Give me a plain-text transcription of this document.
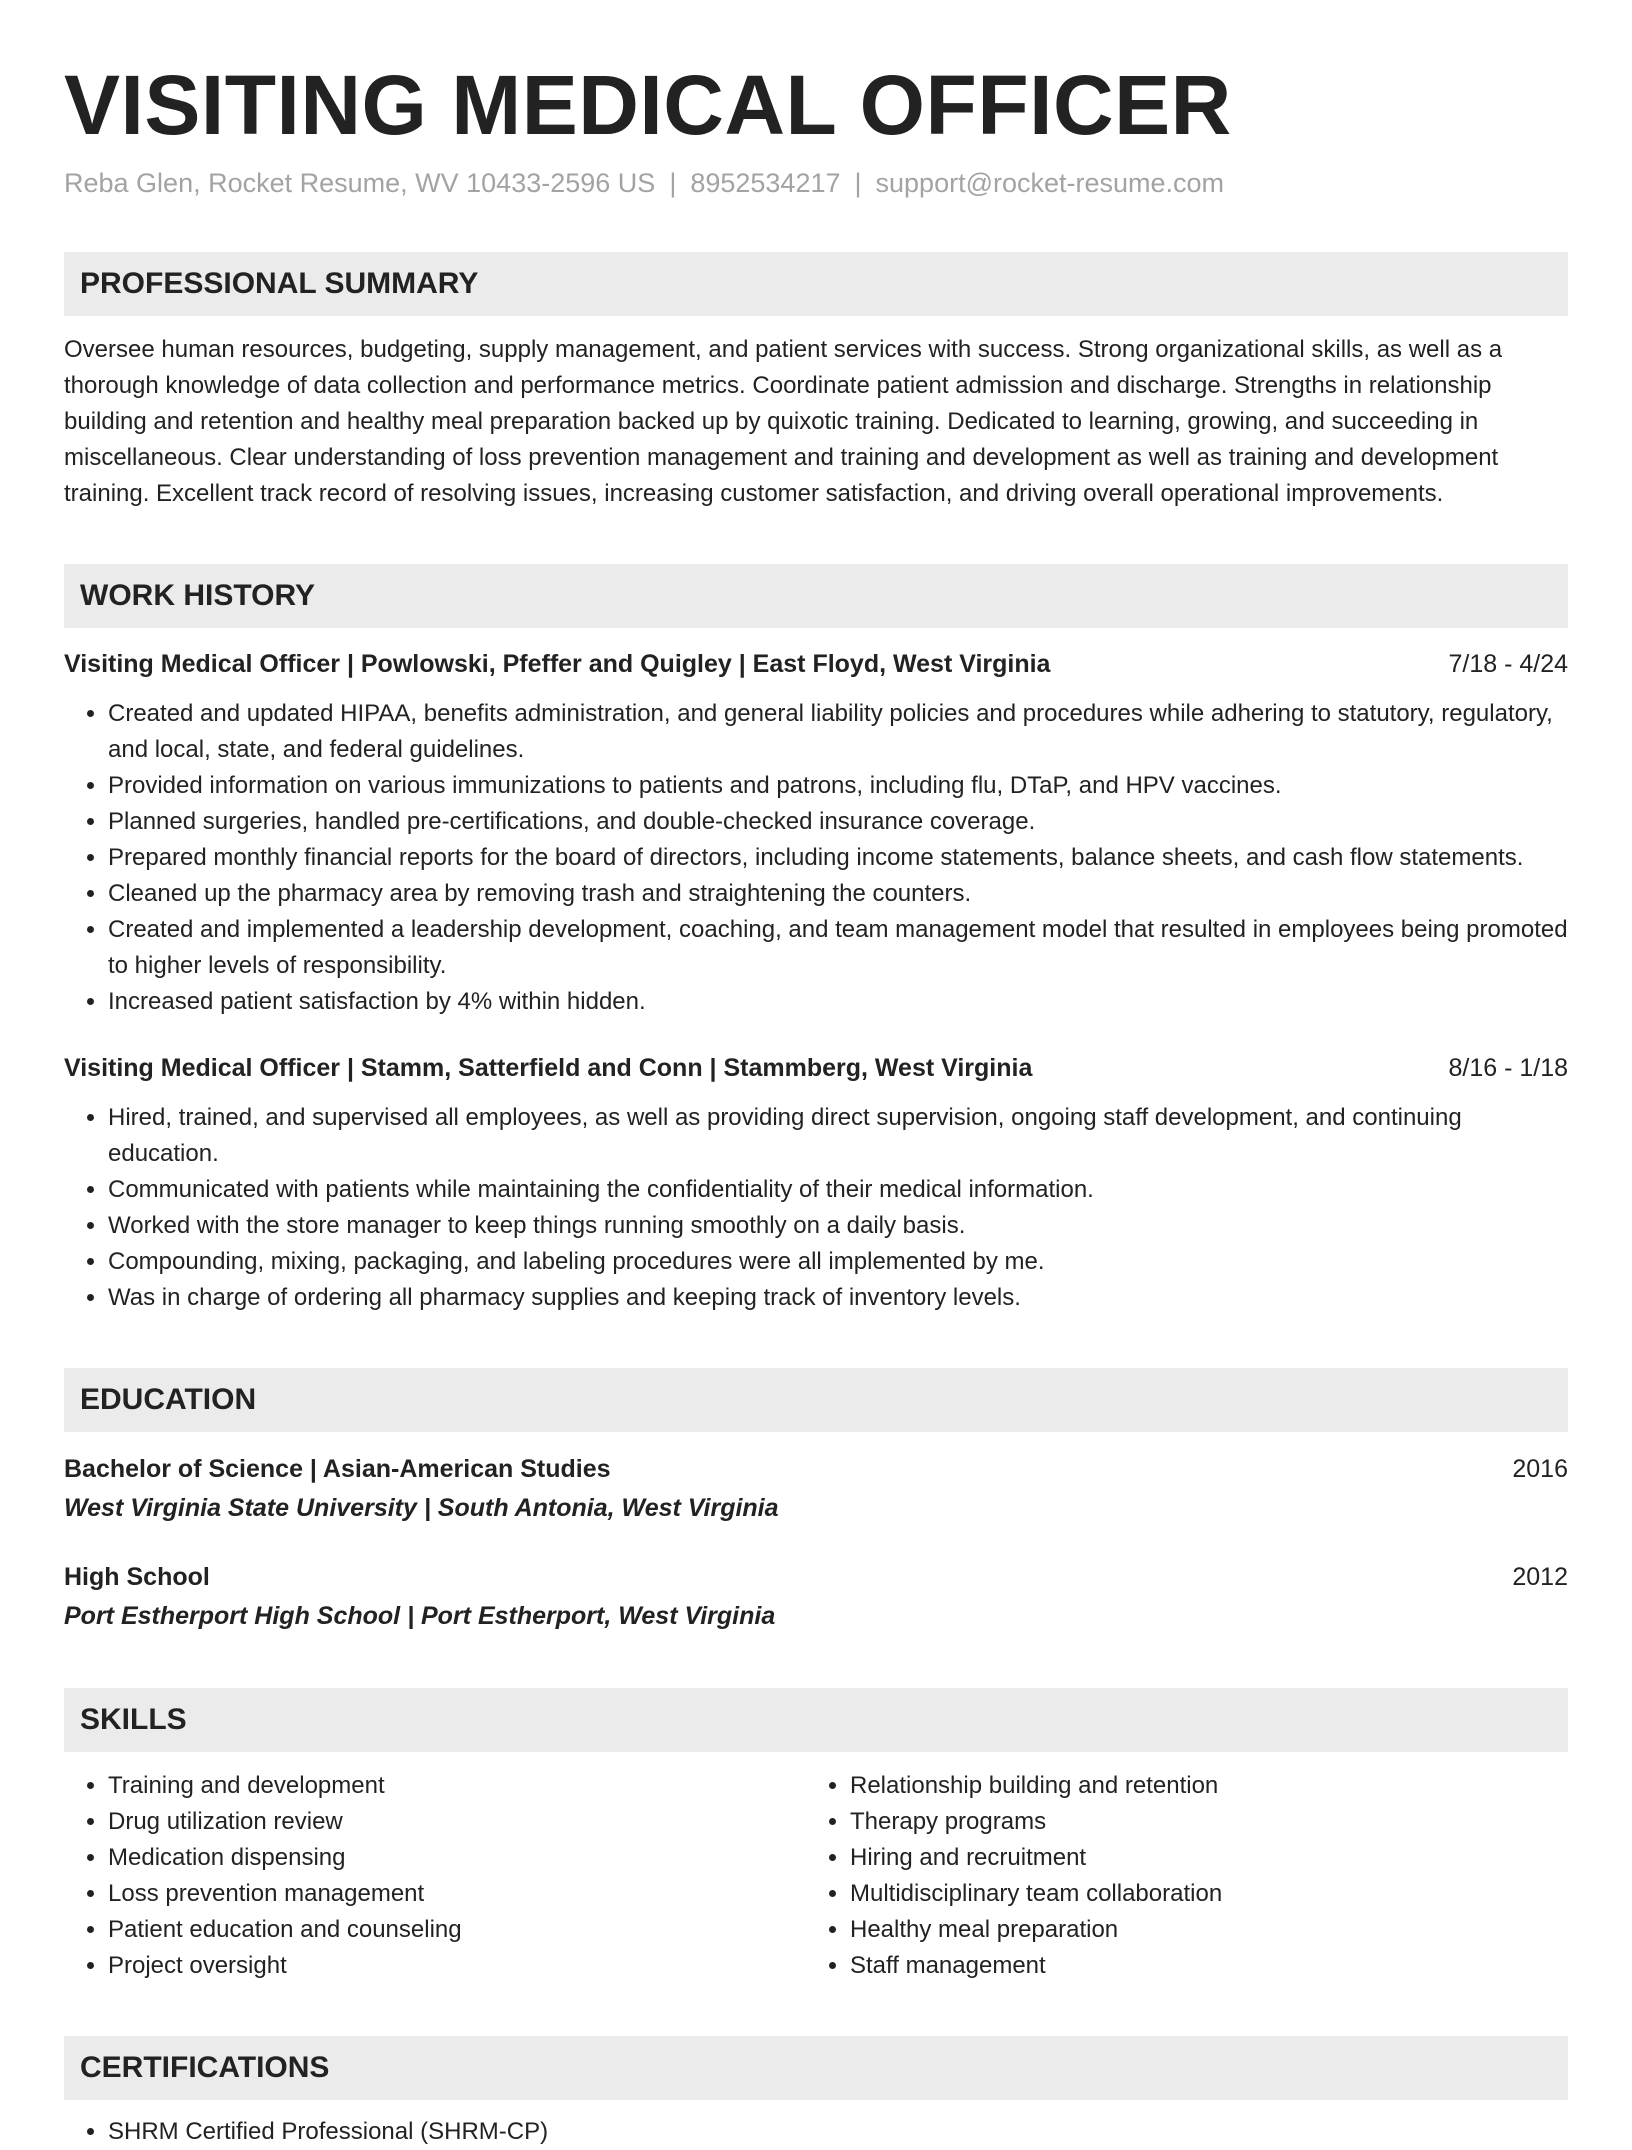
VISITING MEDICAL OFFICER
Reba Glen, Rocket Resume, WV 10433-2596 US | 8952534217 | support@rocket-resume.com
PROFESSIONAL SUMMARY

Oversee human resources, budgeting, supply management, and patient services with success. Strong organizational skills, as well as a thorough knowledge of data collection and performance metrics. Coordinate patient admission and discharge. Strengths in relationship building and retention and healthy meal preparation backed up by quixotic training. Dedicated to learning, growing, and succeeding in miscellaneous. Clear understanding of loss prevention management and training and development as well as training and development training. Excellent track record of resolving issues, increasing customer satisfaction, and driving overall operational improvements.

WORK HISTORY
Visiting Medical Officer | Powlowski, Pfeffer and Quigley | East Floyd, West Virginia	7/18 - 4/24
• Created and updated HIPAA, benefits administration, and general liability policies and procedures while adhering to statutory, regulatory, and local, state, and federal guidelines.
• Provided information on various immunizations to patients and patrons, including flu, DTaP, and HPV vaccines.
• Planned surgeries, handled pre-certifications, and double-checked insurance coverage.
• Prepared monthly financial reports for the board of directors, including income statements, balance sheets, and cash flow statements.
• Cleaned up the pharmacy area by removing trash and straightening the counters.
• Created and implemented a leadership development, coaching, and team management model that resulted in employees being promoted to higher levels of responsibility.
• Increased patient satisfaction by 4% within hidden.
Visiting Medical Officer | Stamm, Satterfield and Conn | Stammberg, West Virginia	8/16 - 1/18
• Hired, trained, and supervised all employees, as well as providing direct supervision, ongoing staff development, and continuing education.
• Communicated with patients while maintaining the confidentiality of their medical information.
• Worked with the store manager to keep things running smoothly on a daily basis.
• Compounding, mixing, packaging, and labeling procedures were all implemented by me.
• Was in charge of ordering all pharmacy supplies and keeping track of inventory levels.
EDUCATION
Bachelor of Science | Asian-American Studies	2016
West Virginia State University | South Antonia, West Virginia
High School	2012
Port Estherport High School | Port Estherport, West Virginia
SKILLS
• Training and development
• Drug utilization review
• Medication dispensing
• Loss prevention management
• Patient education and counseling
• Project oversight
• Relationship building and retention
• Therapy programs
• Hiring and recruitment
• Multidisciplinary team collaboration
• Healthy meal preparation
• Staff management
CERTIFICATIONS
• SHRM Certified Professional (SHRM-CP)
